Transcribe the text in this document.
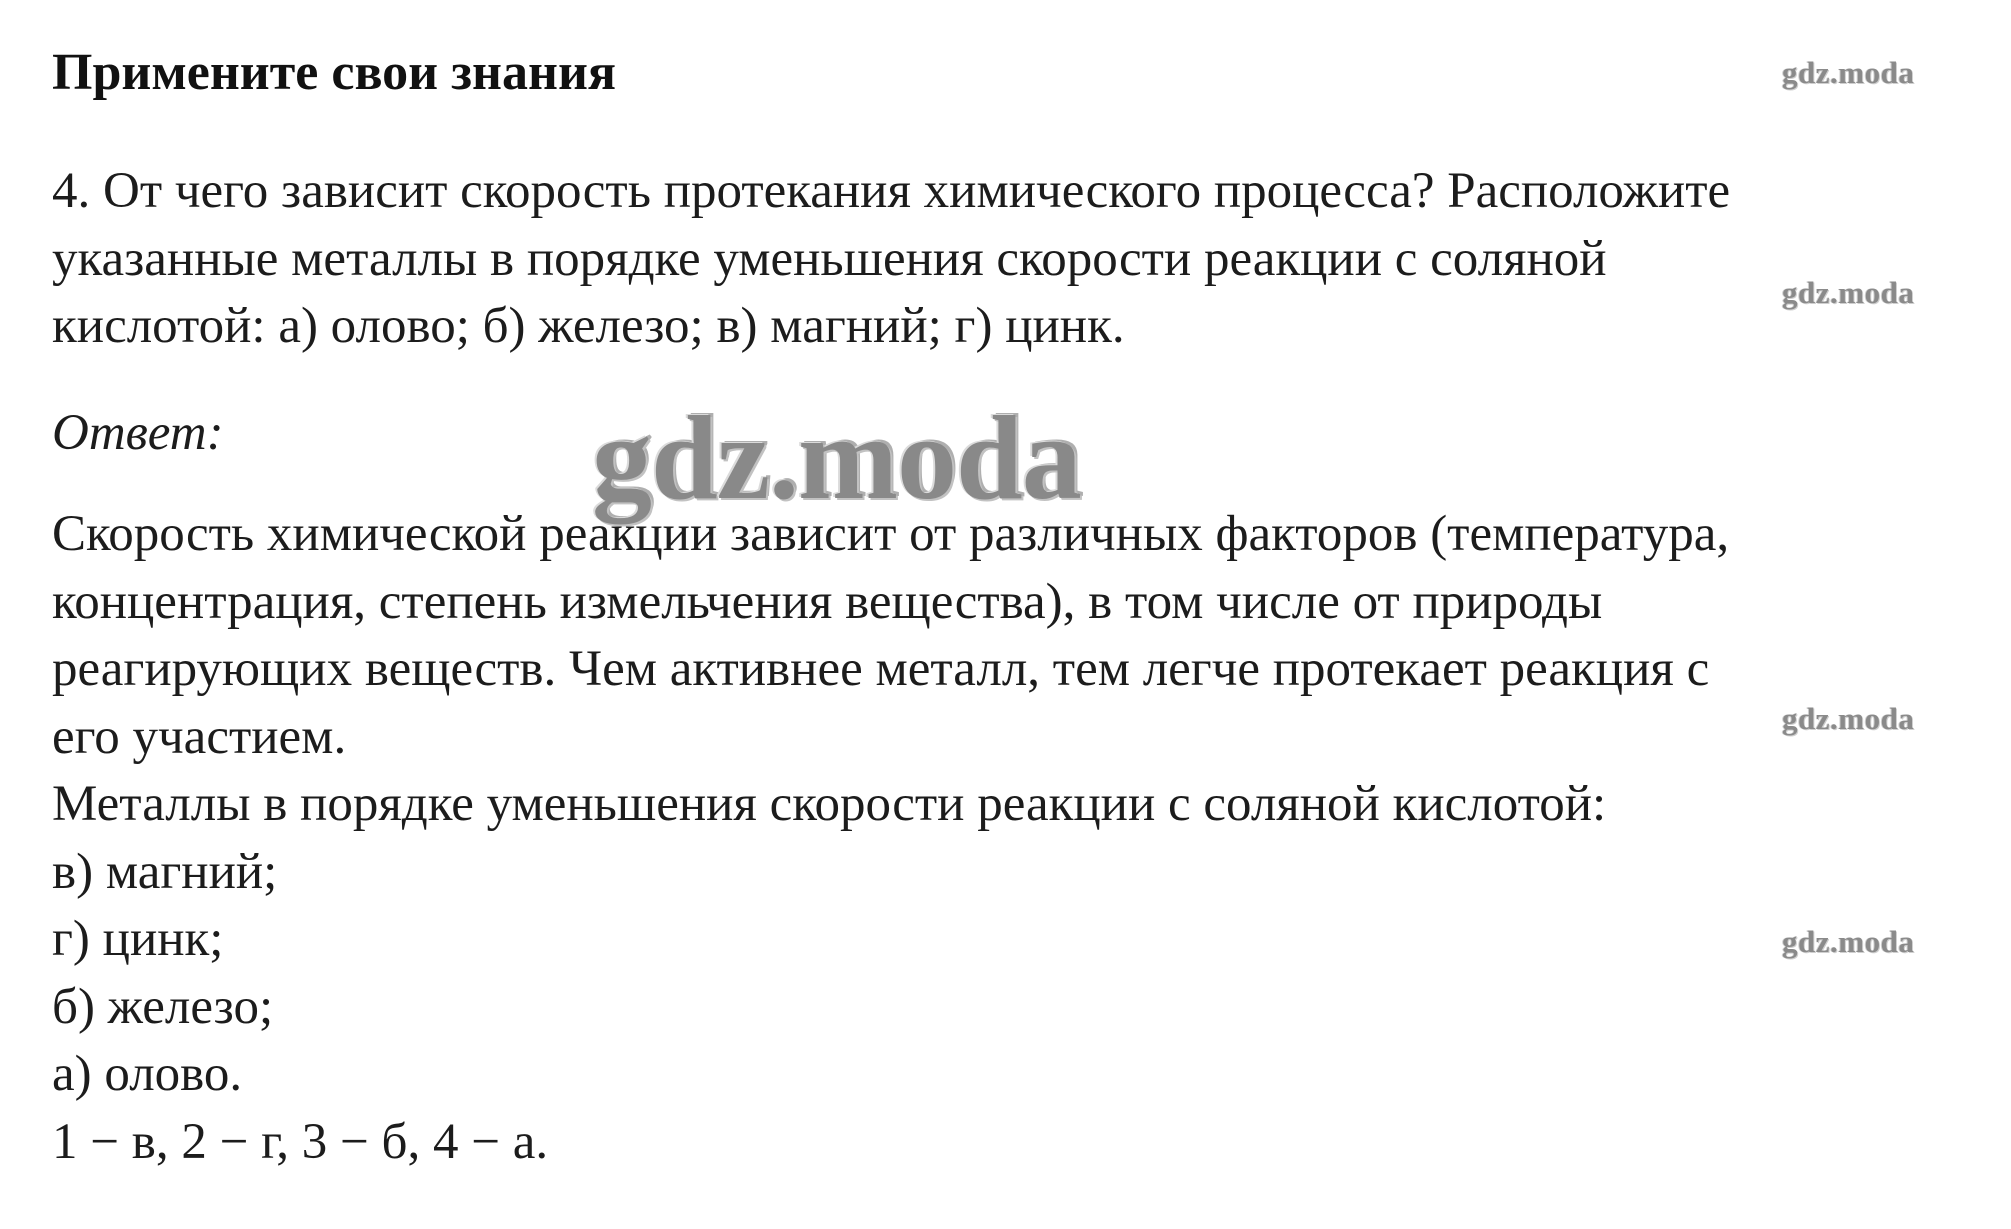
Примените свои знания
4. От чего зависит скорость протекания химического процесса? Расположите
указанные металлы в порядке уменьшения скорости реакции с соляной
кислотой: а) олово; б) железо; в) магний; г) цинк.
Ответ:
Скорость химической реакции зависит от различных факторов (температура,
концентрация, степень измельчения вещества), в том числе от природы
реагирующих веществ. Чем активнее металл, тем легче протекает реакция с
его участием.
Металлы в порядке уменьшения скорости реакции с соляной кислотой:
в) магний;
г) цинк;
б) железо;
а) олово.
1 − в, 2 − г, 3 − б, 4 − а.
gdz.moda
gdz.moda
gdz.moda
gdz.moda
gdz.moda
